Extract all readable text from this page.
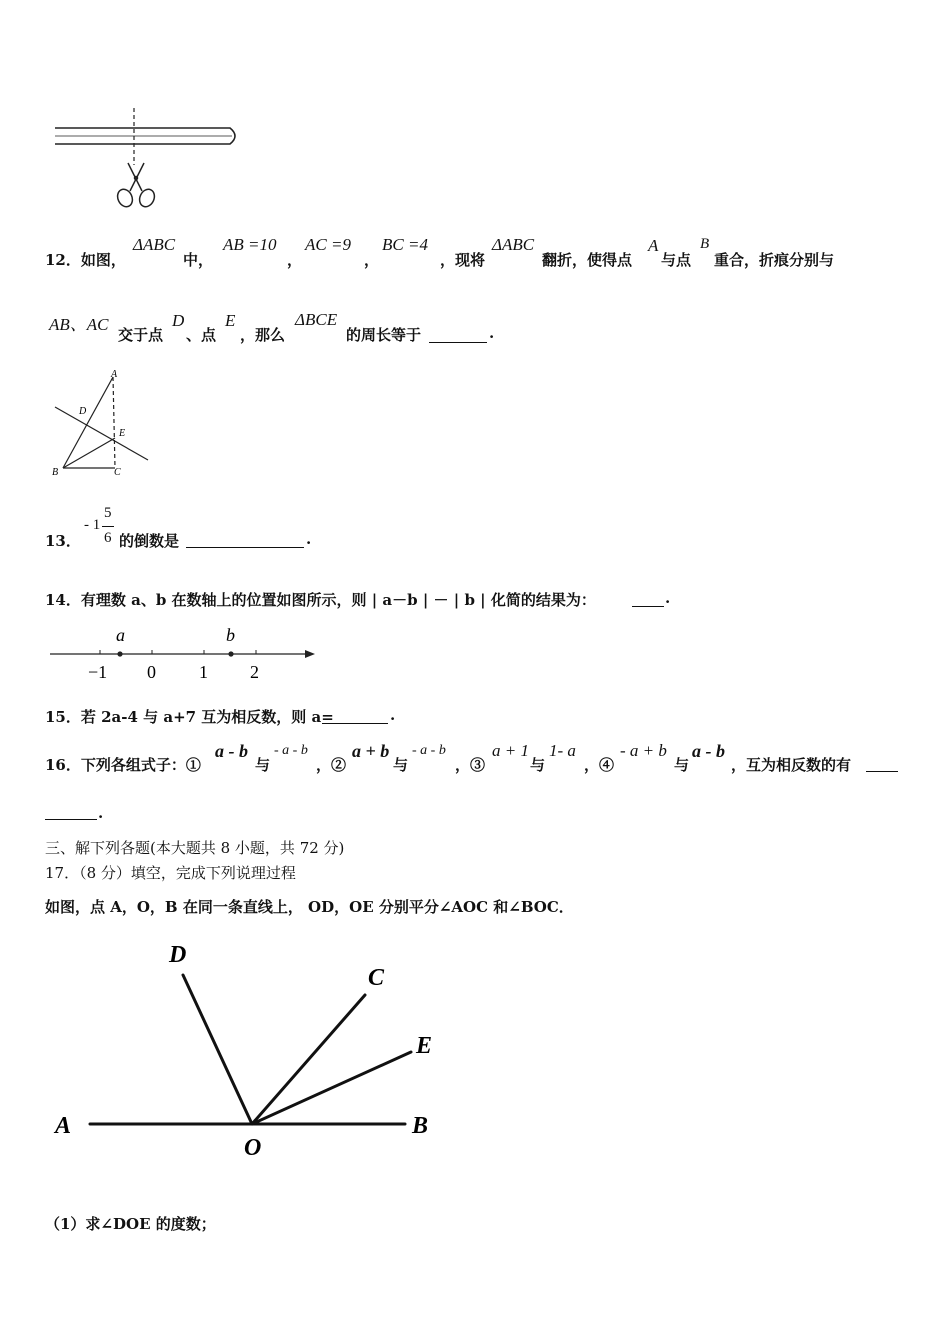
12．如图，
ΔABC
中，
AB =10
，
AC =9
，
BC =4
，现将
ΔABC
翻折，使得点
A
与点
B
重合，折痕分别与
AB、AC
交于点
D
、点
E
，那么
ΔBCE
的周长等于	.
A
D
E
B	C
13．
- 1
5
6 的倒数是	.
14．有理数 a、b 在数轴上的位置如图所示，则 | a－b | － | b | 化简的结果为：	.
a	b
−1 0 1 2
15．若 2a-4 与 a+7 互为相反数，则 a=	.
16．下列各组式子：①
a - b
与
- a - b
，②
a + b
与
- a - b
，③
a + 1
与
1- a
，④
- a + b
与
a - b
，互为相反数的有
.
三、解下列各题(本大题共 8 小题，共 72 分)
17．（8 分）填空，完成下列说理过程
如图，点 A，O，B 在同一条直线上， OD，OE 分别平分∠AOC 和∠BOC．
D
C
E
A
O
B
（1）求∠DOE 的度数；
